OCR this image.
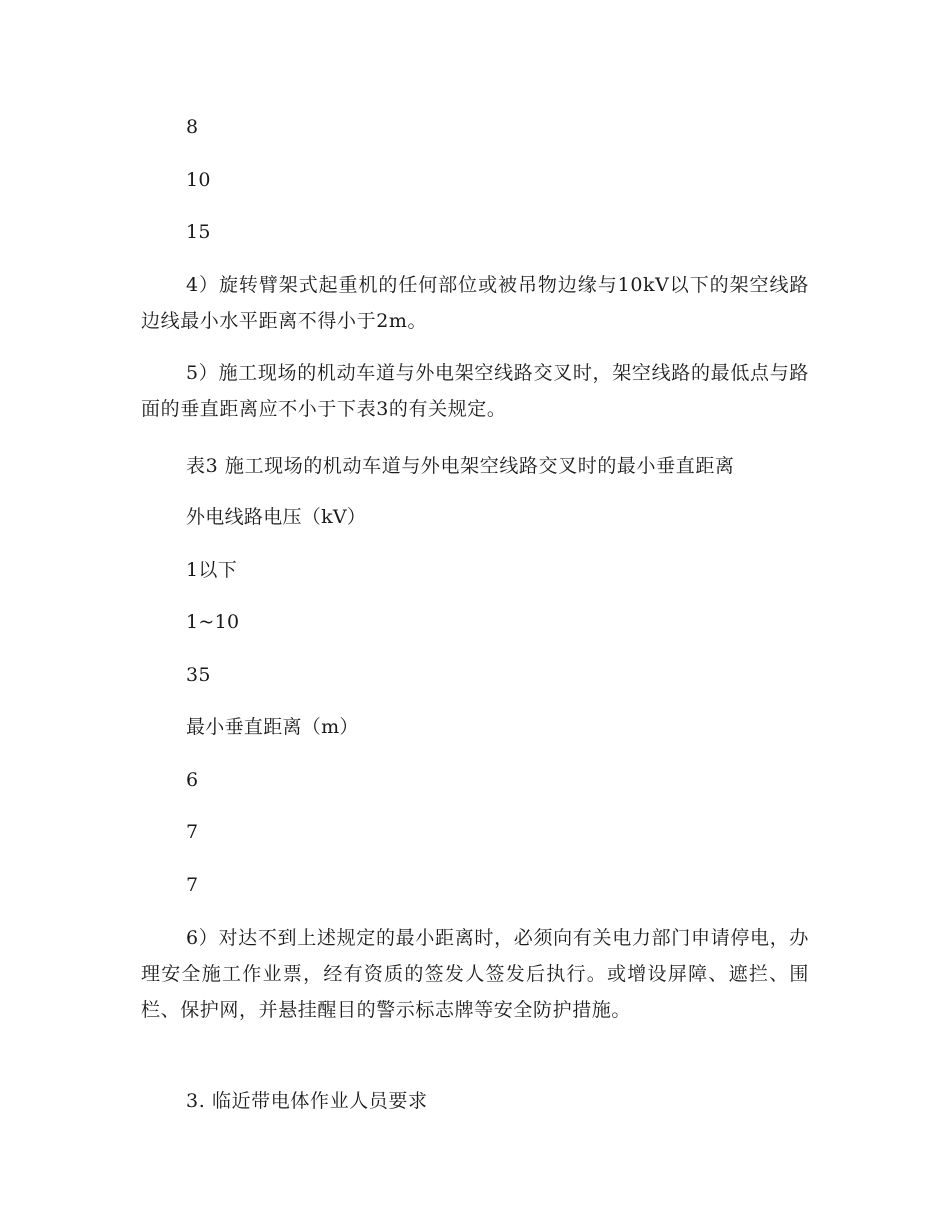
8
10
15
4）旋转臂架式起重机的任何部位或被吊物边缘与10kV以下的架空线路边线最小水平距离不得小于2m。
5）施工现场的机动车道与外电架空线路交叉时，架空线路的最低点与路面的垂直距离应不小于下表3的有关规定。
表3 施工现场的机动车道与外电架空线路交叉时的最小垂直距离
外电线路电压（kV）
1以下
1~10
35
最小垂直距离（m）
6
7
7
6）对达不到上述规定的最小距离时，必须向有关电力部门申请停电，办理安全施工作业票，经有资质的签发人签发后执行。或增设屏障、遮拦、围栏、保护网，并悬挂醒目的警示标志牌等安全防护措施。
3. 临近带电体作业人员要求
